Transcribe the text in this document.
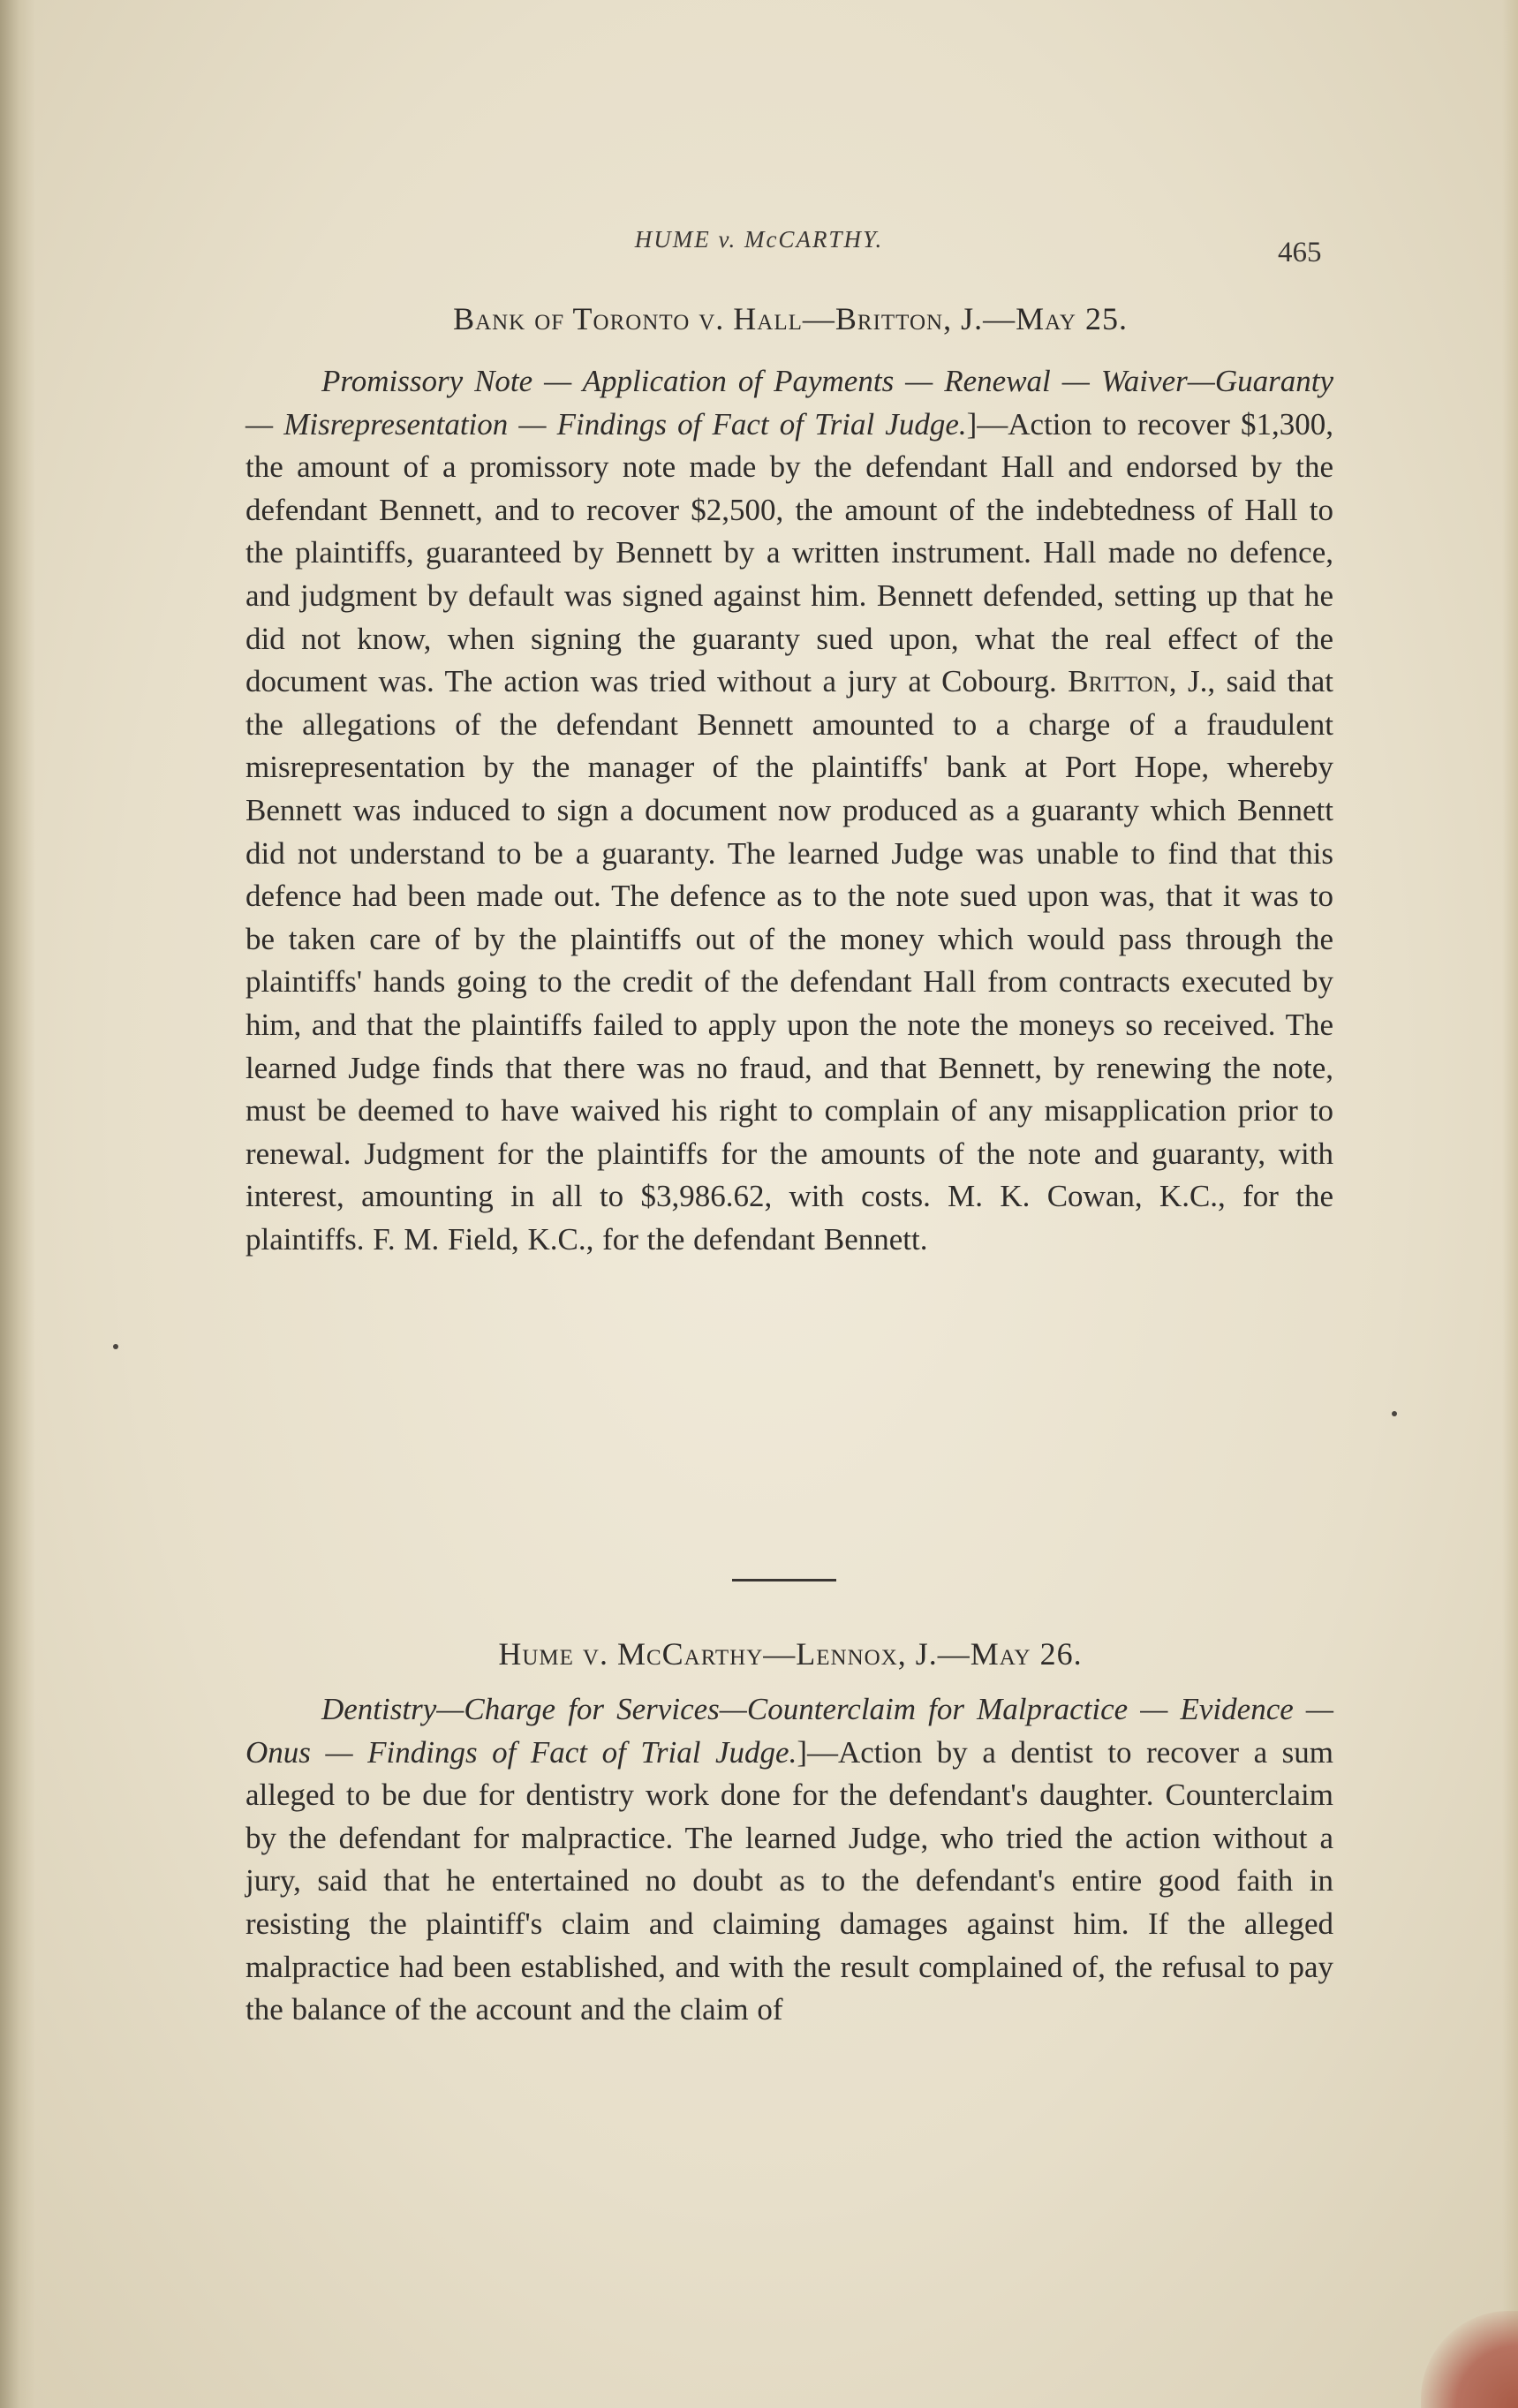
HUME v. McCARTHY.	465
Bank of Toronto v. Hall—Britton, J.—May 25.
Promissory Note — Application of Payments — Renewal — Waiver—Guaranty — Misrepresentation — Findings of Fact of Trial Judge.]—Action to recover $1,300, the amount of a promissory note made by the defendant Hall and endorsed by the defendant Bennett, and to recover $2,500, the amount of the indebtedness of Hall to the plaintiffs, guaranteed by Bennett by a written instrument. Hall made no defence, and judgment by default was signed against him. Bennett defended, setting up that he did not know, when signing the guaranty sued upon, what the real effect of the document was. The action was tried without a jury at Cobourg. Britton, J., said that the allegations of the defendant Bennett amounted to a charge of a fraudulent misrepresentation by the manager of the plaintiffs' bank at Port Hope, whereby Bennett was induced to sign a document now produced as a guaranty which Bennett did not understand to be a guaranty. The learned Judge was unable to find that this defence had been made out. The defence as to the note sued upon was, that it was to be taken care of by the plaintiffs out of the money which would pass through the plaintiffs' hands going to the credit of the defendant Hall from contracts executed by him, and that the plaintiffs failed to apply upon the note the moneys so received. The learned Judge finds that there was no fraud, and that Bennett, by renewing the note, must be deemed to have waived his right to complain of any misapplication prior to renewal. Judgment for the plaintiffs for the amounts of the note and guaranty, with interest, amounting in all to $3,986.62, with costs. M. K. Cowan, K.C., for the plaintiffs. F. M. Field, K.C., for the defendant Bennett.
Hume v. McCarthy—Lennox, J.—May 26.
Dentistry—Charge for Services—Counterclaim for Malpractice — Evidence — Onus — Findings of Fact of Trial Judge.]—Action by a dentist to recover a sum alleged to be due for dentistry work done for the defendant's daughter. Counterclaim by the defendant for malpractice. The learned Judge, who tried the action without a jury, said that he entertained no doubt as to the defendant's entire good faith in resisting the plaintiff's claim and claiming damages against him. If the alleged malpractice had been established, and with the result complained of, the refusal to pay the balance of the account and the claim of
